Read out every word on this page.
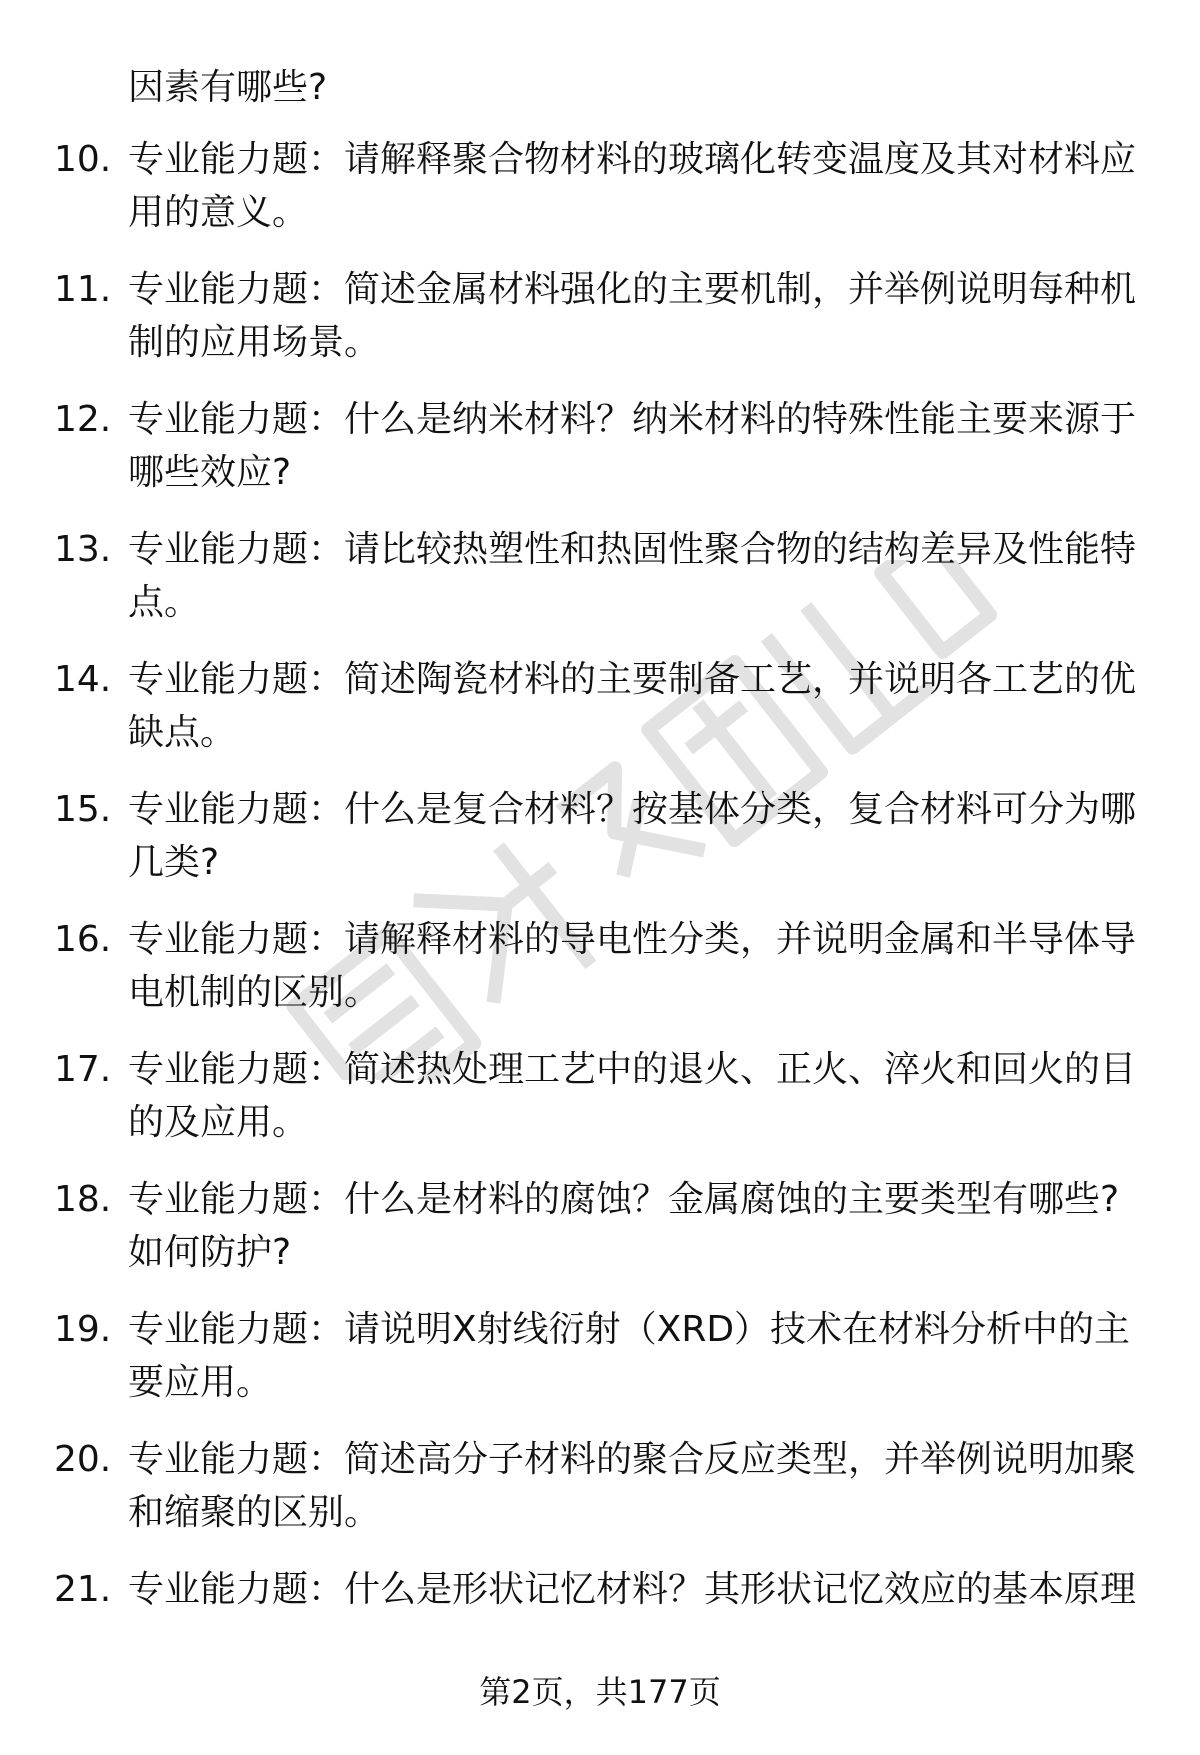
因素有哪些?
10. 专业能力题：请解释聚合物材料的玻璃化转变温度及其对材料应
用的意义。
11. 专业能力题：简述金属材料强化的主要机制，并举例说明每种机
制的应用场景。
12. 专业能力题：什么是纳米材料？纳米材料的特殊性能主要来源于
哪些效应?
13. 专业能力题：请比较热塑性和热固性聚合物的结构差异及性能特
点。
14. 专业能力题：简述陶瓷材料的主要制备工艺，并说明各工艺的优
缺点。
15. 专业能力题：什么是复合材料？按基体分类，复合材料可分为哪
几类?
16. 专业能力题：请解释材料的导电性分类，并说明金属和半导体导
电机制的区别。
17. 专业能力题：简述热处理工艺中的退火、正火、淬火和回火的目
的及应用。
18. 专业能力题：什么是材料的腐蚀？金属腐蚀的主要类型有哪些?
如何防护?
19. 专业能力题：请说明X射线衍射（XRD）技术在材料分析中的主
要应用。
20. 专业能力题：简述高分子材料的聚合反应类型，并举例说明加聚
和缩聚的区别。
21. 专业能力题：什么是形状记忆材料？其形状记忆效应的基本原理
第2页，共177页
